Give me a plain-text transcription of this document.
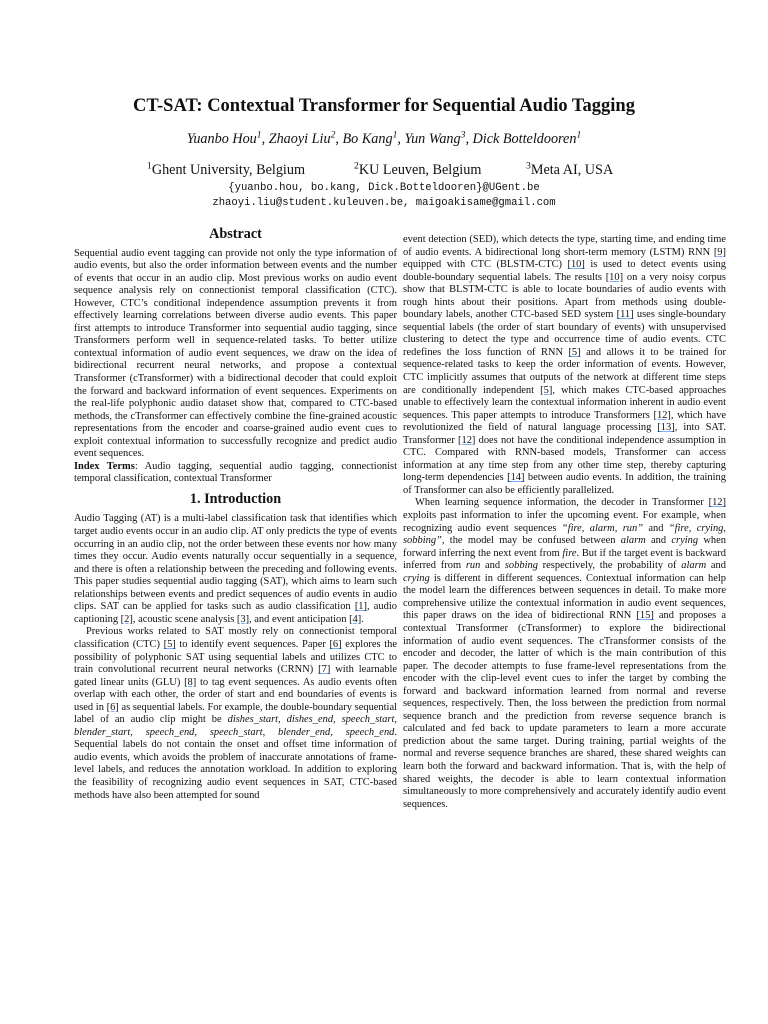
CT-SAT: Contextual Transformer for Sequential Audio Tagging
Yuanbo Hou$^1$, Zhaoyi Liu$^2$, Bo Kang$^1$, Yun Wang$^3$, Dick Botteldooren$^1$
$^1$ Ghent University, Belgium	$^2$ KU Leuven, Belgium	$^3$ Meta AI, USA
{yuanbo.hou, bo.kang, Dick.Botteldooren}@UGent.be
zhaoyi.liu@student.kuleuven.be, maigoakisame@gmail.com

Abstract

Sequential audio event tagging can provide not only the type information of audio events, but also the order information between events and the number of events that occur in an audio clip. Most previous works on audio event sequence analysis rely on connectionist temporal classification (CTC). However, CTC’s conditional independence assumption prevents it from effectively learning correlations between diverse audio events. This paper first attempts to introduce Transformer into sequential audio tagging, since Transformers perform well in sequence-related tasks. To better utilize contextual information of audio event sequences, we draw on the idea of bidirectional recurrent neural networks, and propose a contextual Transformer (cTransformer) with a bidirectional decoder that could exploit the forward and backward information of event sequences. Experiments on the real-life polyphonic audio dataset show that, compared to CTC-based methods, the cTransformer can effectively combine the fine-grained acoustic representations from the encoder and coarse-grained audio event cues to exploit contextual information to successfully recognize and predict audio event sequences.

Index Terms: Audio tagging, sequential audio tagging, connectionist temporal classification, contextual Transformer

1. Introduction

Audio Tagging (AT) is a multi-label classification task that identifies which target audio events occur in an audio clip. AT only predicts the type of events occurring in an audio clip, not the order between these events nor how many times they occur. Audio events naturally occur sequentially in a sequence, and there is often a relationship between the preceding and following events. This paper studies sequential audio tagging (SAT), which aims to learn such relationships between events and predict sequences of audio events in audio clips. SAT can be applied for tasks such as audio classification [1], audio captioning [2], acoustic scene analysis [3], and event anticipation [4].

Previous works related to SAT mostly rely on connectionist temporal classification (CTC) [5] to identify event sequences. Paper [6] explores the possibility of polyphonic SAT using sequential labels and utilizes CTC to train convolutional recurrent neural networks (CRNN) [7] with learnable gated linear units (GLU) [8] to tag event sequences. As audio events often overlap with each other, the order of start and end boundaries of events is used in [6] as sequential labels. For example, the double-boundary sequential label of an audio clip might be dishes_start, dishes_end, speech_start, blender_start, speech_end, speech_start, blender_end, speech_end. Sequential labels do not contain the onset and offset time information of audio events, which avoids the problem of inaccurate annotations of frame-level labels, and reduces the annotation workload. In addition to exploring the feasibility of recognizing audio event sequences in SAT, CTC-based methods have also been attempted for sound

event detection (SED), which detects the type, starting time, and ending time of audio events. A bidirectional long short-term memory (LSTM) RNN [9] equipped with CTC (BLSTM-CTC) [10] is used to detect events using double-boundary sequential labels. The results [10] on a very noisy corpus show that BLSTM-CTC is able to locate boundaries of audio events with rough hints about their positions. Apart from methods using double-boundary labels, another CTC-based SED system [11] uses single-boundary sequential labels (the order of start boundary of events) with unsupervised clustering to detect the type and occurrence time of audio events. CTC redefines the loss function of RNN [5] and allows it to be trained for sequence-related tasks to keep the order information of events. However, CTC implicitly assumes that outputs of the network at different time steps are conditionally independent [5], which makes CTC-based approaches unable to effectively learn the contextual information inherent in audio event sequences. This paper attempts to introduce Transformers [12], which have revolutionized the field of natural language processing [13], into SAT. Transformer [12] does not have the conditional independence assumption in CTC. Compared with RNN-based models, Transformer can access information at any time step from any other time step, thereby capturing long-term dependencies [14] between audio events. In addition, the training of Transformer can also be efficiently parallelized.

When learning sequence information, the decoder in Transformer [12] exploits past information to infer the upcoming event. For example, when recognizing audio event sequences “fire, alarm, run” and “fire, crying, sobbing”, the model may be confused between alarm and crying when forward inferring the next event from fire. But if the target event is backward inferred from run and sobbing respectively, the probability of alarm and crying is different in different sequences. Contextual information can help the model learn the differences between sequences in detail. To make more comprehensive utilize the contextual information in audio event sequences, this paper draws on the idea of bidirectional RNN [15] and proposes a contextual Transformer (cTransformer) to explore the bidirectional information of audio event sequences. The cTransformer consists of the encoder and decoder, the latter of which is the main contribution of this paper. The decoder attempts to fuse frame-level representations from the encoder with the clip-level event cues to infer the target by combing the forward and backward information learned from normal and reverse sequences, respectively. Then, the loss between the prediction from normal sequence branch and the prediction from reverse sequence branch is calculated and fed back to update parameters to learn a more accurate prediction about the same target. During training, partial weights of the normal and reverse sequence branches are shared, these shared weights can learn both the forward and backward information. That is, with the help of shared weights, the decoder is able to learn contextual information simultaneously to more comprehensively and accurately identify audio event sequences.
